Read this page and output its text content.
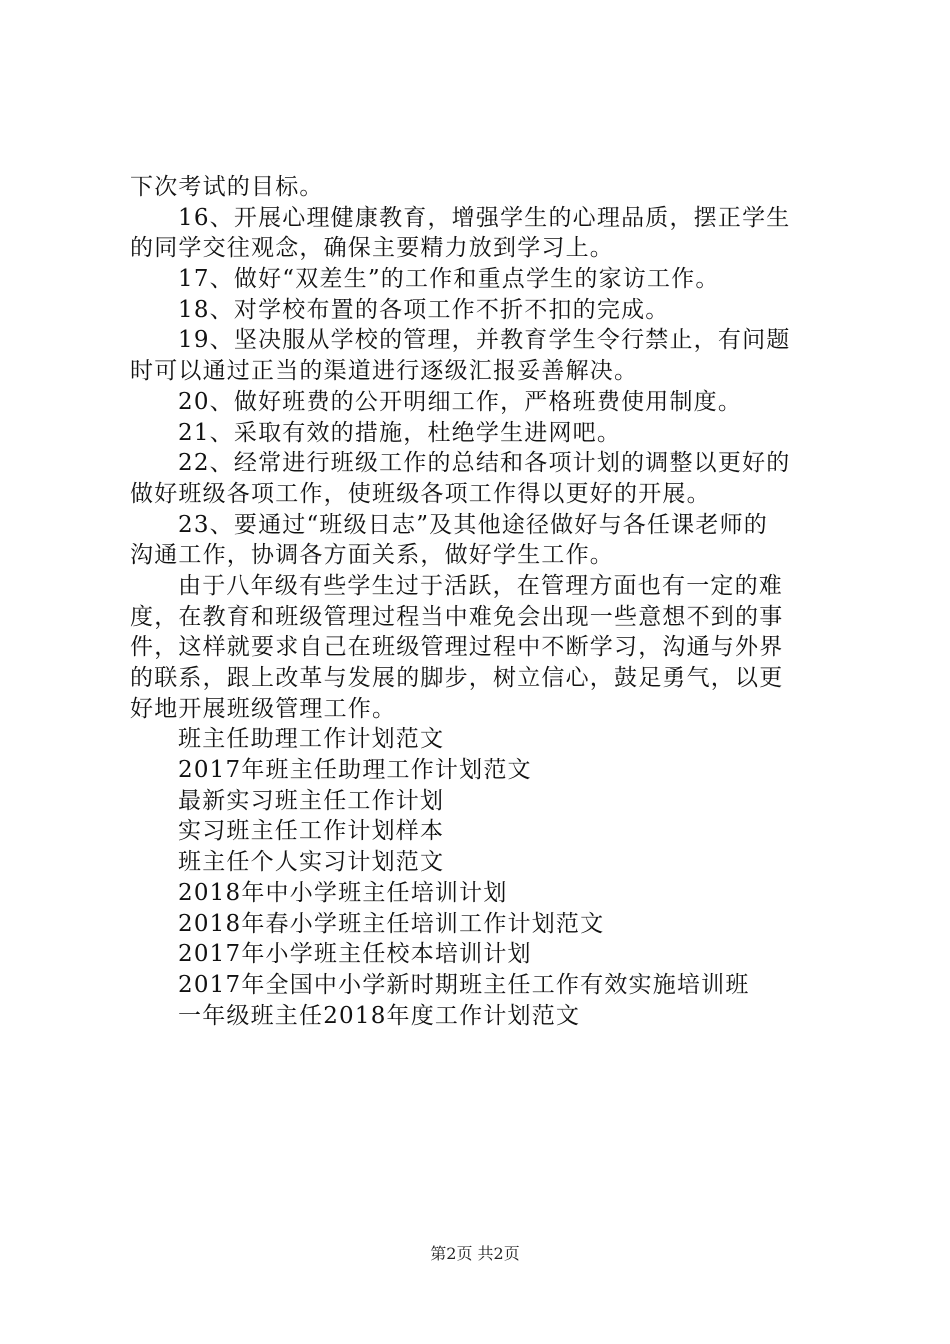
下次考试的目标。
16、开展心理健康教育，增强学生的心理品质，摆正学生
的同学交往观念，确保主要精力放到学习上。
17、做好“双差生”的工作和重点学生的家访工作。
18、对学校布置的各项工作不折不扣的完成。
19、坚决服从学校的管理，并教育学生令行禁止，有问题
时可以通过正当的渠道进行逐级汇报妥善解决。
20、做好班费的公开明细工作，严格班费使用制度。
21、采取有效的措施，杜绝学生进网吧。
22、经常进行班级工作的总结和各项计划的调整以更好的
做好班级各项工作，使班级各项工作得以更好的开展。
23、要通过“班级日志”及其他途径做好与各任课老师的
沟通工作，协调各方面关系，做好学生工作。
由于八年级有些学生过于活跃，在管理方面也有一定的难
度，在教育和班级管理过程当中难免会出现一些意想不到的事
件，这样就要求自己在班级管理过程中不断学习，沟通与外界
的联系，跟上改革与发展的脚步，树立信心，鼓足勇气，以更
好地开展班级管理工作。
班主任助理工作计划范文
2017年班主任助理工作计划范文
最新实习班主任工作计划
实习班主任工作计划样本
班主任个人实习计划范文
2018年中小学班主任培训计划
2018年春小学班主任培训工作计划范文
2017年小学班主任校本培训计划
2017年全国中小学新时期班主任工作有效实施培训班
一年级班主任2018年度工作计划范文
第2页 共2页
